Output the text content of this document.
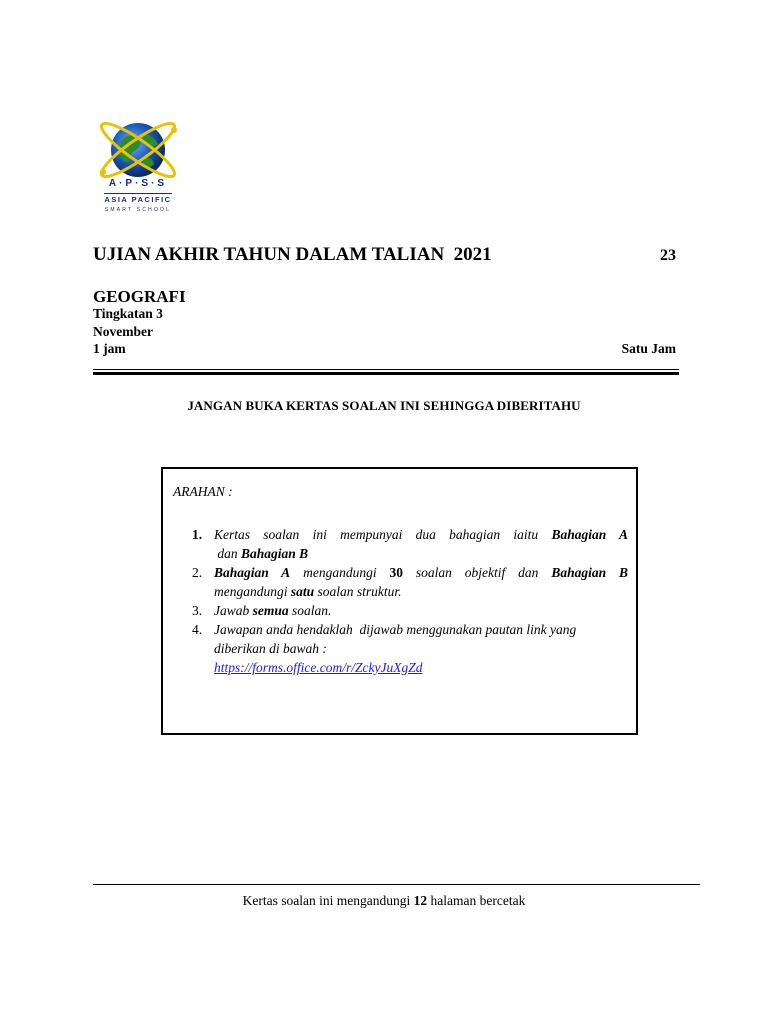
A·P·S·S
ASIA PACIFIC
SMART SCHOOL
UJIAN AKHIR TAHUN DALAM TALIAN  2021	23
GEOGRAFI
Tingkatan 3
November
1 jam	Satu Jam
JANGAN BUKA KERTAS SOALAN INI SEHINGGA DIBERITAHU
ARAHAN :
1. Kertas soalan ini mempunyai dua bahagian iaitu Bahagian A dan Bahagian B
2. Bahagian A mengandungi 30 soalan objektif dan Bahagian B mengandungi satu soalan struktur.
3. Jawab semua soalan.
4. Jawapan anda hendaklah  dijawab menggunakan pautan link yang diberikan di bawah :
https://forms.office.com/r/ZckyJuXgZd
Kertas soalan ini mengandungi 12 halaman bercetak
